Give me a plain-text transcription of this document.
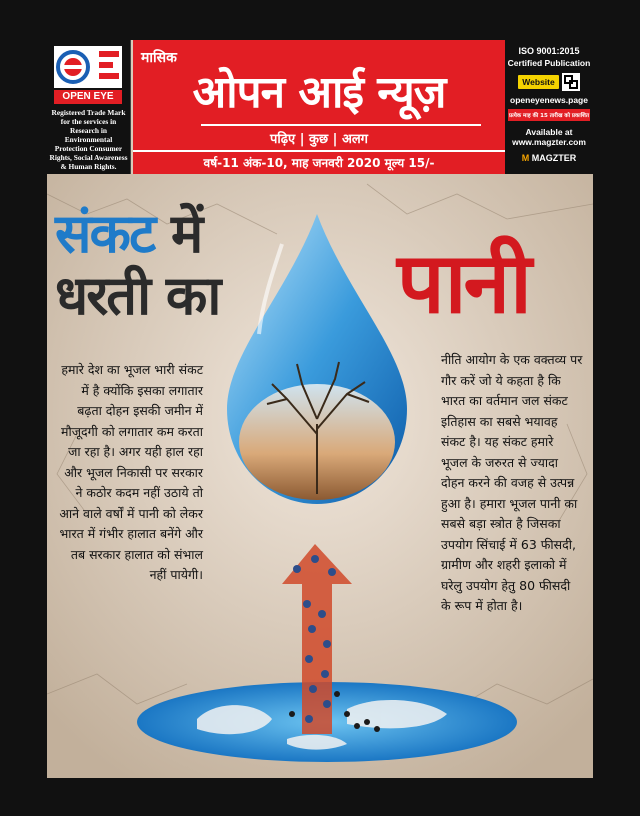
OPEN EYE
Registered Trade Mark for the services in Research in Environmental Protection Consumer Rights, Social Awareness & Human Rights.
मासिक
ओपन आई न्यूज़
पढ़िए | कुछ | अलग
वर्ष-11 अंक-10, माह जनवरी 2020 मूल्य 15/-
ISO 9001:2015
Certified Publication
Website
openeyenews.page
प्रत्येक माह की 15 तारीख को प्रकाशित
Available at
www.magzter.com
M MAGZTER
संकट में
धरती का पानी
हमारे देश का भूजल भारी संकट में है क्योंकि इसका लगातार बढ़ता दोहन इसकी जमीन में मौजूदगी को लगातार कम करता जा रहा है। अगर यही हाल रहा और भूजल निकासी पर सरकार ने कठोर कदम नहीं उठाये तो आने वाले वर्षों में पानी को लेकर भारत में गंभीर हालात बनेंगे और तब सरकार हालात को संभाल नहीं पायेगी।
नीति आयोग के एक वक्तव्य पर गौर करें जो ये कहता है कि भारत का वर्तमान जल संकट इतिहास का सबसे भयावह संकट है। यह संकट हमारे भूजल के जरुरत से ज्यादा दोहन करने की वजह से उत्पन्न हुआ है। हमारा भूजल पानी का सबसे बड़ा स्त्रोत है जिसका उपयोग सिंचाई में 63 फीसदी, ग्रामीण और शहरी इलाको में घरेलु उपयोग हेतु 80 फीसदी के रूप में होता है।
